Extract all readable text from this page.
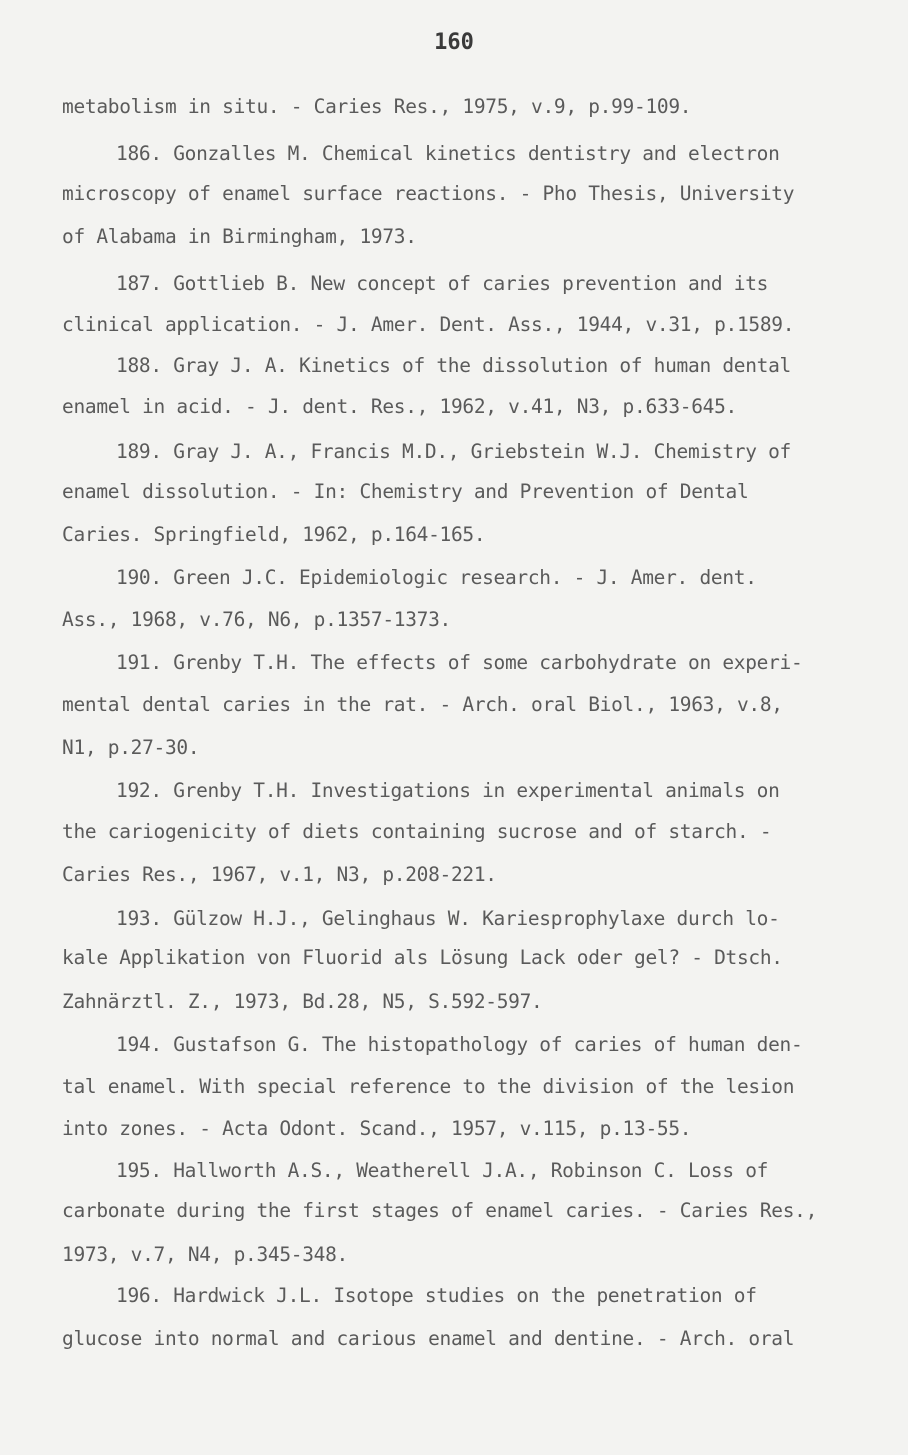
160
metabolism in situ. - Caries Res., 1975, v.9, p.99-109.
186. Gonzalles M. Chemical kinetics dentistry and electron
microscopy of enamel surface reactions. - Pho Thesis, University
of Alabama in Birmingham, 1973.
187. Gottlieb B. New concept of caries prevention and its
clinical application. - J. Amer. Dent. Ass., 1944, v.31, p.1589.
188. Gray J. A. Kinetics of the dissolution of human dental
enamel in acid. - J. dent. Res., 1962, v.41, N3, p.633-645.
189. Gray J. A., Francis M.D., Griebstein W.J. Chemistry of
enamel dissolution. - In: Chemistry and Prevention of Dental
Caries. Springfield, 1962, p.164-165.
190. Green J.C. Epidemiologic research. - J. Amer. dent.
Ass., 1968, v.76, N6, p.1357-1373.
191. Grenby T.H. The effects of some carbohydrate on experi-
mental dental caries in the rat. - Arch. oral Biol., 1963, v.8,
N1, p.27-30.
192. Grenby T.H. Investigations in experimental animals on
the cariogenicity of diets containing sucrose and of starch. -
Caries Res., 1967, v.1, N3, p.208-221.
193. Gülzow H.J., Gelinghaus W. Kariesprophylaxe durch lo-
kale Applikation von Fluorid als Lösung Lack oder gel? - Dtsch.
Zahnärztl. Z., 1973, Bd.28, N5, S.592-597.
194. Gustafson G. The histopathology of caries of human den-
tal enamel. With special reference to the division of the lesion
into zones. - Acta Odont. Scand., 1957, v.115, p.13-55.
195. Hallworth A.S., Weatherell J.A., Robinson C. Loss of
carbonate during the first stages of enamel caries. - Caries Res.,
1973, v.7, N4, p.345-348.
196. Hardwick J.L. Isotope studies on the penetration of
glucose into normal and carious enamel and dentine. - Arch. oral
